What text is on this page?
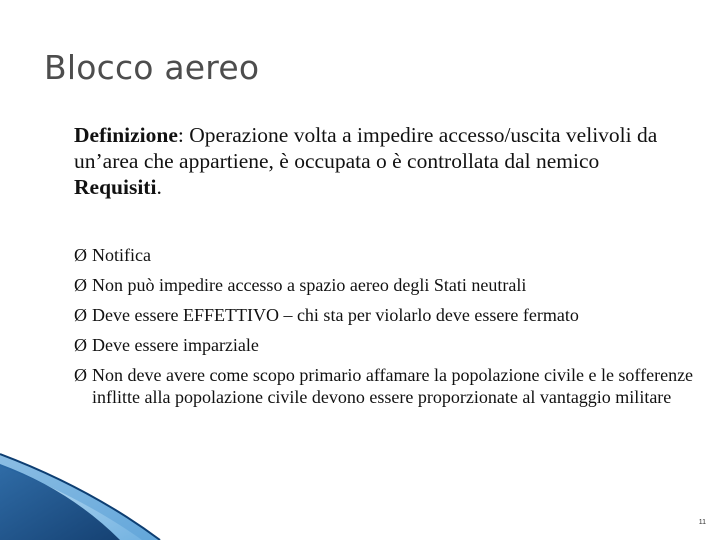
Blocco aereo
Definizione: Operazione volta a impedire accesso/uscita velivoli da un’area che appartiene, è occupata o è controllata dal nemico
Requisiti.
Ø Notifica
Ø Non può impedire accesso a spazio aereo degli Stati neutrali
Ø Deve essere EFFETTIVO – chi sta per violarlo deve essere fermato
Ø Deve essere imparziale
Ø Non deve avere come scopo primario affamare la popolazione civile e le sofferenze inflitte alla popolazione civile devono essere proporzionate al vantaggio militare
11
